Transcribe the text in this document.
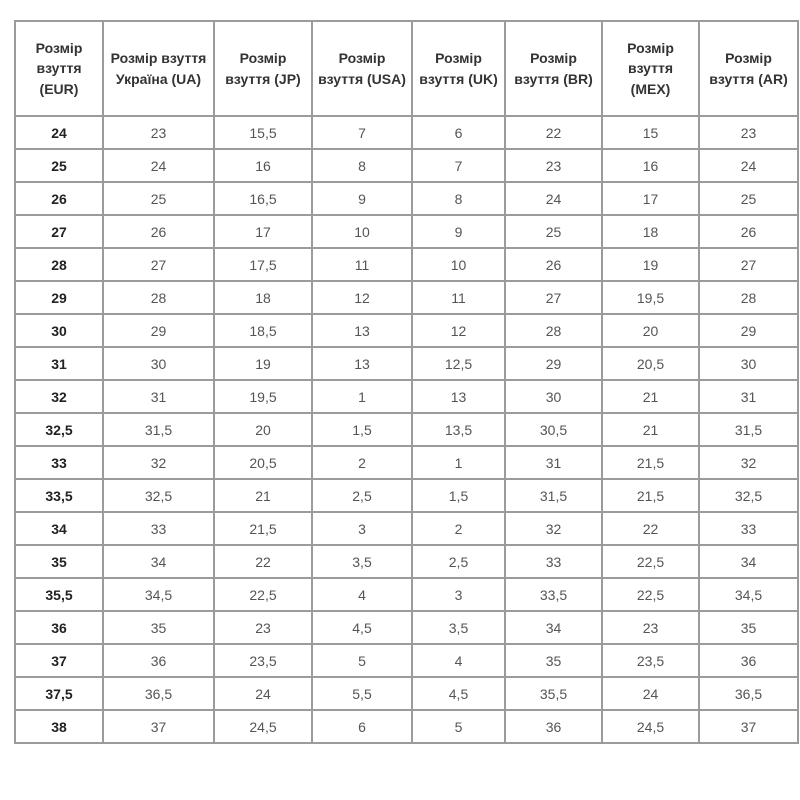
Розмір взуття (EUR)	Розмір взуття Україна (UA)	Розмір взуття (JP)	Розмір взуття (USA)	Розмір взуття (UK)	Розмір взуття (BR)	Розмір взуття (MEX)	Розмір взуття (AR)
24	23	15,5	7	6	22	15	23
25	24	16	8	7	23	16	24
26	25	16,5	9	8	24	17	25
27	26	17	10	9	25	18	26
28	27	17,5	11	10	26	19	27
29	28	18	12	11	27	19,5	28
30	29	18,5	13	12	28	20	29
31	30	19	13	12,5	29	20,5	30
32	31	19,5	1	13	30	21	31
32,5	31,5	20	1,5	13,5	30,5	21	31,5
33	32	20,5	2	1	31	21,5	32
33,5	32,5	21	2,5	1,5	31,5	21,5	32,5
34	33	21,5	3	2	32	22	33
35	34	22	3,5	2,5	33	22,5	34
35,5	34,5	22,5	4	3	33,5	22,5	34,5
36	35	23	4,5	3,5	34	23	35
37	36	23,5	5	4	35	23,5	36
37,5	36,5	24	5,5	4,5	35,5	24	36,5
38	37	24,5	6	5	36	24,5	37
